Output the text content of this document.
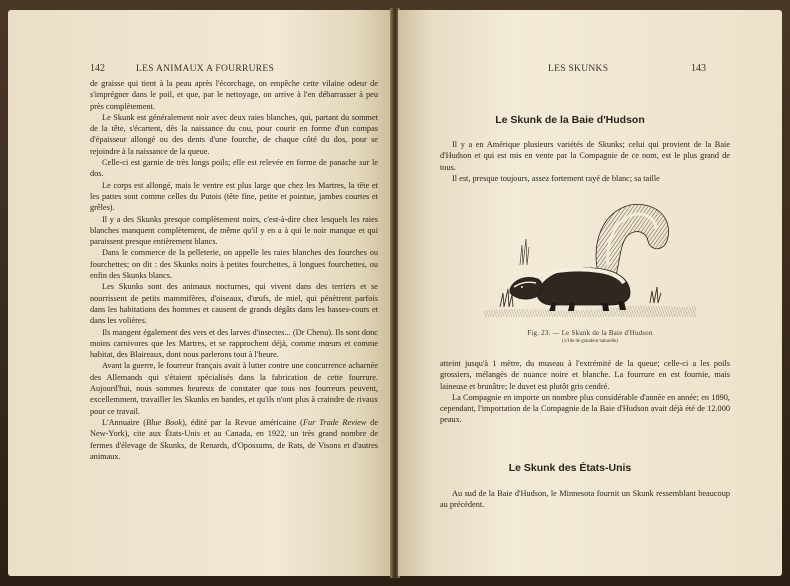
142	LES ANIMAUX A FOURRURES

de graisse qui tient à la peau après l'écorchage, on empêche cette vilaine odeur de s'imprégner dans le poil, et que, par le nettoyage, on arrive à l'en débarrasser à peu près complètement.

Le Skunk est généralement noir avec deux raies blanches, qui, partant du sommet de la tête, s'écartent, dès la naissance du cou, pour courir en forme d'un compas d'épaisseur allongé ou des dents d'une fourche, de chaque côté du dos, pour se rejoindre à la naissance de la queue.

Celle-ci est garnie de très longs poils; elle est relevée en forme de panache sur le dos.

Le corps est allongé, mais le ventre est plus large que chez les Martres, la tête et les pattes sont comme celles du Putois (tête fine, petite et pointue, jambes courtes et grêles).

Il y a des Skunks presque complètement noirs, c'est-à-dire chez lesquels les raies blanches manquent complètement, de même qu'il y en a à qui le noir manque et qui paraissent presque entièrement blancs.

Dans le commerce de la pelleterie, on appelle les raies blanches des fourches ou fourchettes; on dit : des Skunks noirs à petites fourchettes, à longues fourchettes, ou enfin des Skunks blancs.

Les Skunks sont des animaux nocturnes, qui vivent dans des terriers et se nourrissent de petits mammifères, d'oiseaux, d'œufs, de miel, qui pénètrent parfois dans les habitations des hommes et causent de grands dégâts dans les basses-cours et dans les volières.

Ils mangent également des vers et des larves d'insectes... (Dr Chenu). Ils sont donc moins carnivores que les Martres, et se rapprochent déjà, comme mœurs et comme habitat, des Blaireaux, dont nous parlerons tout à l'heure.

Avant la guerre, le fourreur français avait à lutter contre une concurrence acharnée des Allemands qui s'étaient spécialisés dans la fabrication de cette fourrure. Aujourd'hui, nous sommes heureux de constater que tous nos fourreurs peuvent, excellemment, travailler les Skunks en bandes, et qu'ils n'ont plus à craindre de rivaux pour ce travail.

L'Annuaire (Blue Book), édité par la Revue américaine (Fur Trade Review de New-York), cite aux États-Unis et au Canada, en 1922, un très grand nombre de fermes d'élevage de Skunks, de Renards, d'Opossums, de Rats, de Visons et d'autres animaux.

LES SKUNKS	143
Le Skunk de la Baie d'Hudson

Il y a en Amérique plusieurs variétés de Skunks; celui qui provient de la Baie d'Hudson et qui est mis en vente par la Compagnie de ce nom, est le plus grand de tous.

Il est, presque toujours, assez fortement rayé de blanc; sa taille

Fig. 23. — Le Skunk de la Baie d'Hudson
(1/10e de grandeur naturelle)

atteint jusqu'à 1 mètre, du museau à l'extrémité de la queue; celle-ci a les poils grossiers, mélangés de nuance noire et blanche. La fourrure en est fournie, mais laineuse et brunâtre; le duvet est plutôt gris cendré.

La Compagnie en importe un nombre plus considérable d'année en année; en 1890, cependant, l'importation de la Compagnie de la Baie d'Hudson avait déjà été de 12.000 peaux.

Le Skunk des États-Unis

Au sud de la Baie d'Hudson, le Minnesota fournit un Skunk ressemblant beaucoup au précédent.
